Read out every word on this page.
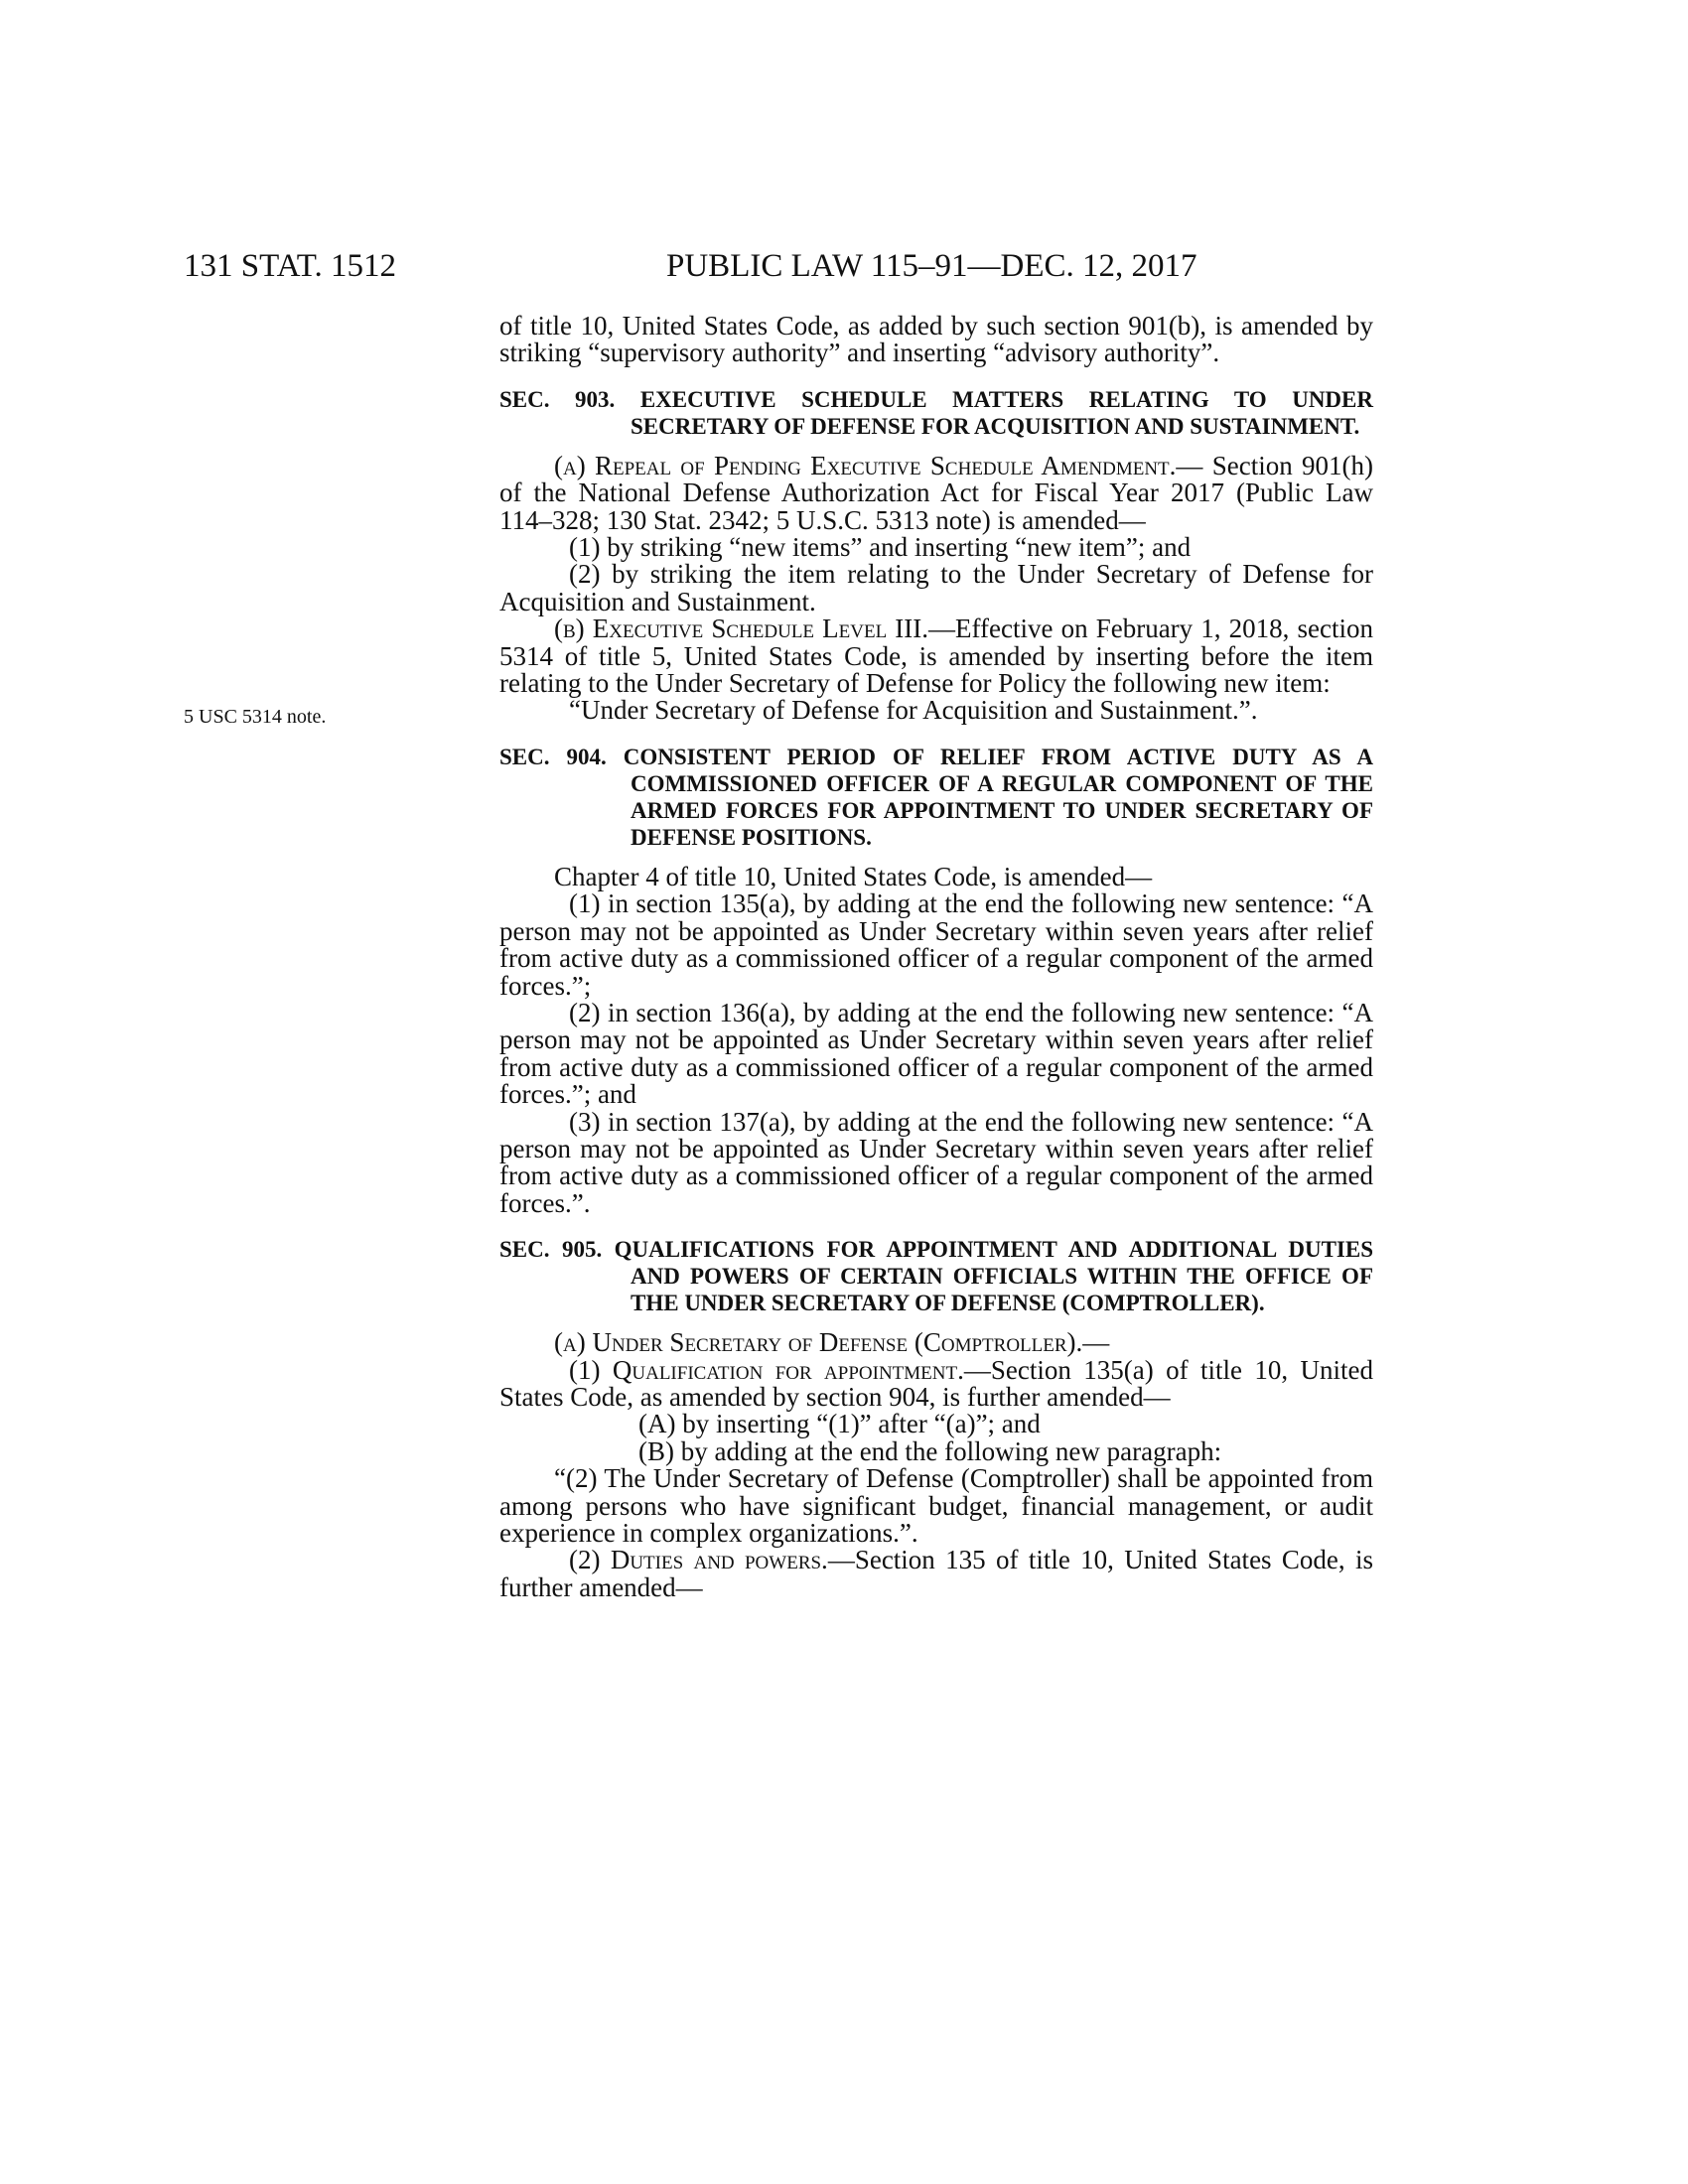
131 STAT. 1512	PUBLIC LAW 115–91—DEC. 12, 2017
5 USC 5314 note.

of title 10, United States Code, as added by such section 901(b), is amended by striking “supervisory authority” and inserting “advisory authority”.

SEC. 903. EXECUTIVE SCHEDULE MATTERS RELATING TO UNDER SECRETARY OF DEFENSE FOR ACQUISITION AND SUSTAINMENT.

(a) Repeal of Pending Executive Schedule Amendment.— Section 901(h) of the National Defense Authorization Act for Fiscal Year 2017 (Public Law 114–328; 130 Stat. 2342; 5 U.S.C. 5313 note) is amended—

(1) by striking “new items” and inserting “new item”; and

(2) by striking the item relating to the Under Secretary of Defense for Acquisition and Sustainment.

(b) Executive Schedule Level III.—Effective on February 1, 2018, section 5314 of title 5, United States Code, is amended by inserting before the item relating to the Under Secretary of Defense for Policy the following new item:

“Under Secretary of Defense for Acquisition and Sustainment.”.

SEC. 904. CONSISTENT PERIOD OF RELIEF FROM ACTIVE DUTY AS A COMMISSIONED OFFICER OF A REGULAR COMPONENT OF THE ARMED FORCES FOR APPOINTMENT TO UNDER SECRETARY OF DEFENSE POSITIONS.

Chapter 4 of title 10, United States Code, is amended—

(1) in section 135(a), by adding at the end the following new sentence: “A person may not be appointed as Under Secretary within seven years after relief from active duty as a commissioned officer of a regular component of the armed forces.”;

(2) in section 136(a), by adding at the end the following new sentence: “A person may not be appointed as Under Secretary within seven years after relief from active duty as a commissioned officer of a regular component of the armed forces.”; and

(3) in section 137(a), by adding at the end the following new sentence: “A person may not be appointed as Under Secretary within seven years after relief from active duty as a commissioned officer of a regular component of the armed forces.”.

SEC. 905. QUALIFICATIONS FOR APPOINTMENT AND ADDITIONAL DUTIES AND POWERS OF CERTAIN OFFICIALS WITHIN THE OFFICE OF THE UNDER SECRETARY OF DEFENSE (COMPTROLLER).

(a) Under Secretary of Defense (Comptroller).—

(1) Qualification for appointment.—Section 135(a) of title 10, United States Code, as amended by section 904, is further amended—

(A) by inserting “(1)” after “(a)”; and

(B) by adding at the end the following new paragraph:

“(2) The Under Secretary of Defense (Comptroller) shall be appointed from among persons who have significant budget, financial management, or audit experience in complex organizations.”.

(2) Duties and powers.—Section 135 of title 10, United States Code, is further amended—
